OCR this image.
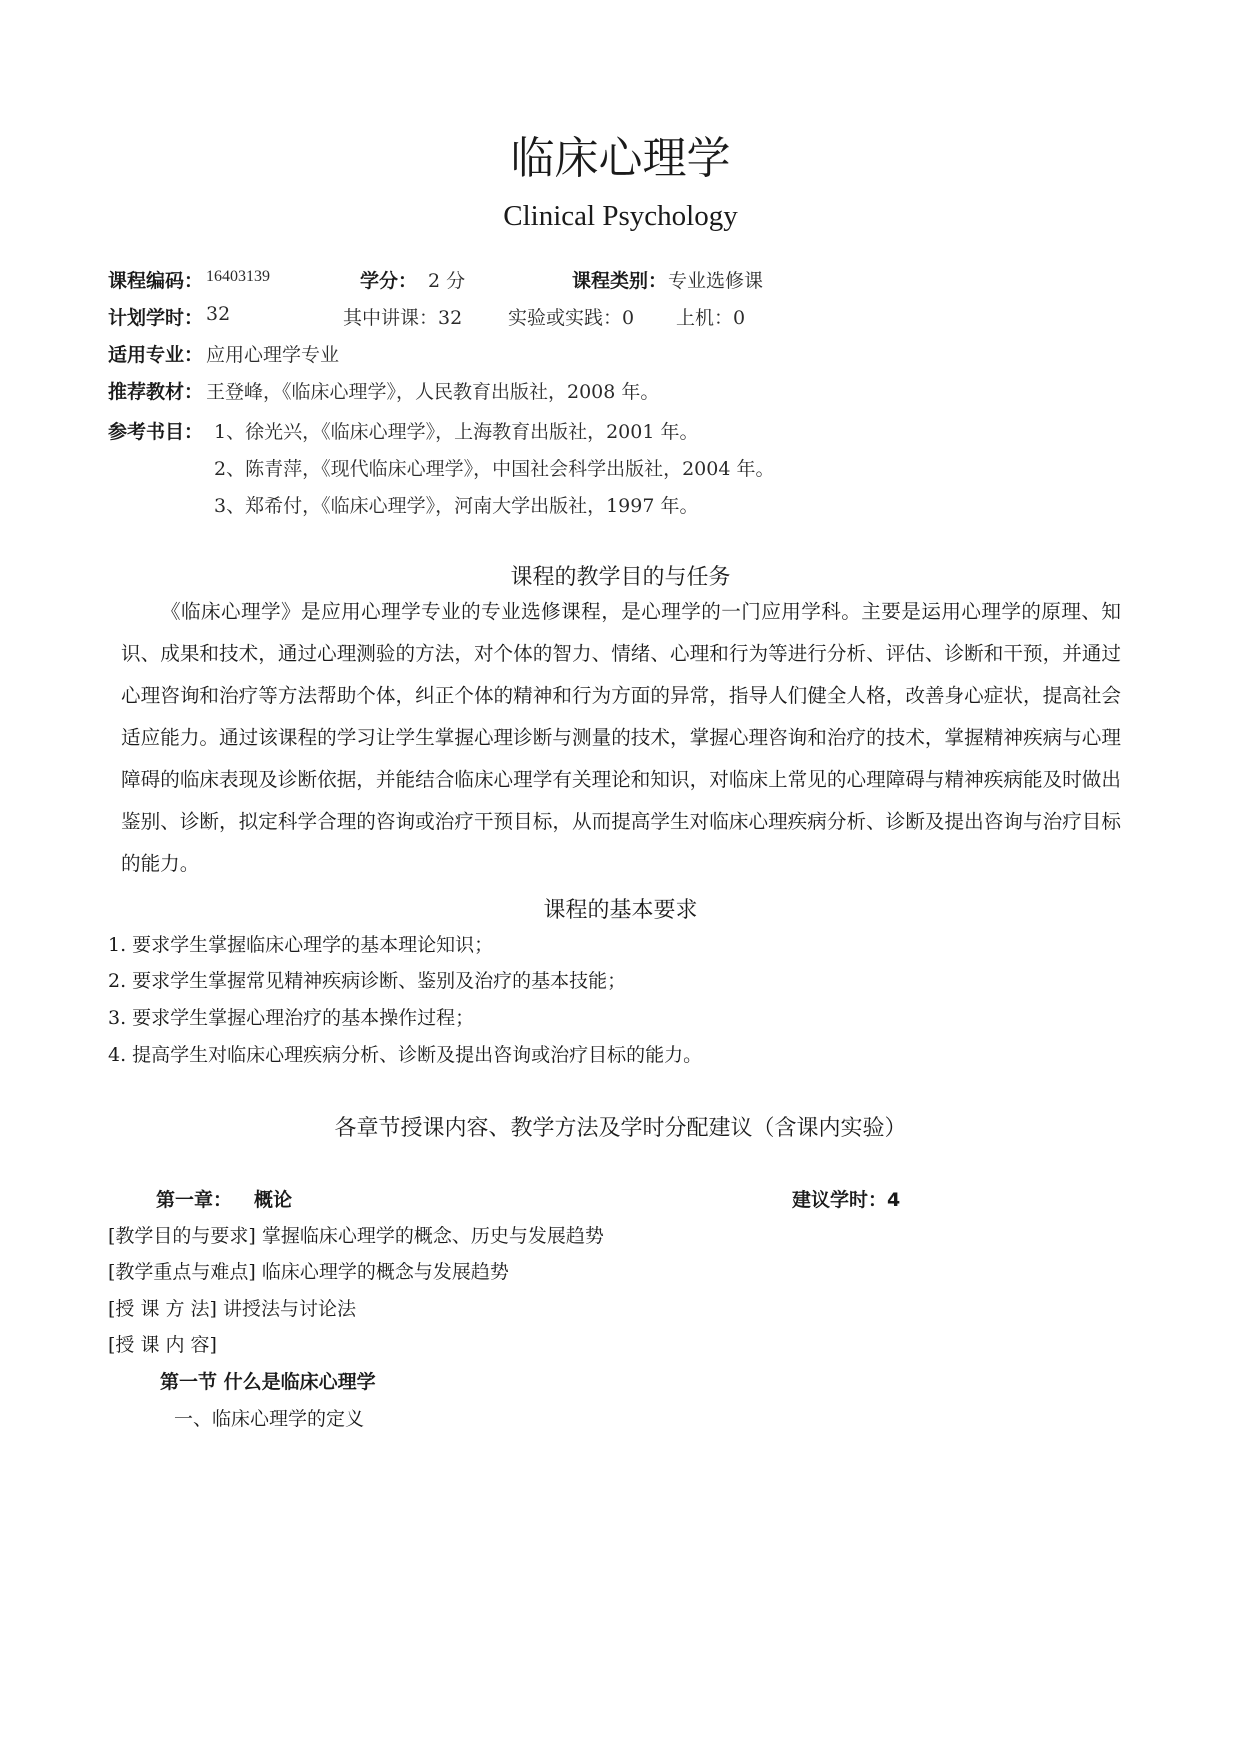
临床心理学
Clinical Psychology
课程编码： 16403139	学分： 2 分	课程类别： 专业选修课
计划学时： 32	其中讲课：32 实验或实践：0 上机：0
适用专业： 应用心理学专业
推荐教材： 王登峰，《临床心理学》，人民教育出版社，2008 年。
参考书目： 1、徐光兴，《临床心理学》，上海教育出版社，2001 年。
2、陈青萍，《现代临床心理学》，中国社会科学出版社，2004 年。
3、郑希付，《临床心理学》，河南大学出版社，1997 年。
课程的教学目的与任务
《临床心理学》是应用心理学专业的专业选修课程，是心理学的一门应用学科。主要是运用心理学的原理、知识、成果和技术，通过心理测验的方法，对个体的智力、情绪、心理和行为等进行分析、评估、诊断和干预，并通过心理咨询和治疗等方法帮助个体，纠正个体的精神和行为方面的异常，指导人们健全人格，改善身心症状，提高社会适应能力。通过该课程的学习让学生掌握心理诊断与测量的技术，掌握心理咨询和治疗的技术，掌握精神疾病与心理障碍的临床表现及诊断依据，并能结合临床心理学有关理论和知识，对临床上常见的心理障碍与精神疾病能及时做出鉴别、诊断，拟定科学合理的咨询或治疗干预目标，从而提高学生对临床心理疾病分析、诊断及提出咨询与治疗目标的能力。
课程的基本要求
1. 要求学生掌握临床心理学的基本理论知识；
2. 要求学生掌握常见精神疾病诊断、鉴别及治疗的基本技能；
3. 要求学生掌握心理治疗的基本操作过程；
4. 提高学生对临床心理疾病分析、诊断及提出咨询或治疗目标的能力。
各章节授课内容、教学方法及学时分配建议（含课内实验）
第一章： 概论	建议学时：4
[教学目的与要求] 掌握临床心理学的概念、历史与发展趋势
[教学重点与难点] 临床心理学的概念与发展趋势
[授 课 方 法] 讲授法与讨论法
[授 课 内 容]
第一节 什么是临床心理学
一、临床心理学的定义
